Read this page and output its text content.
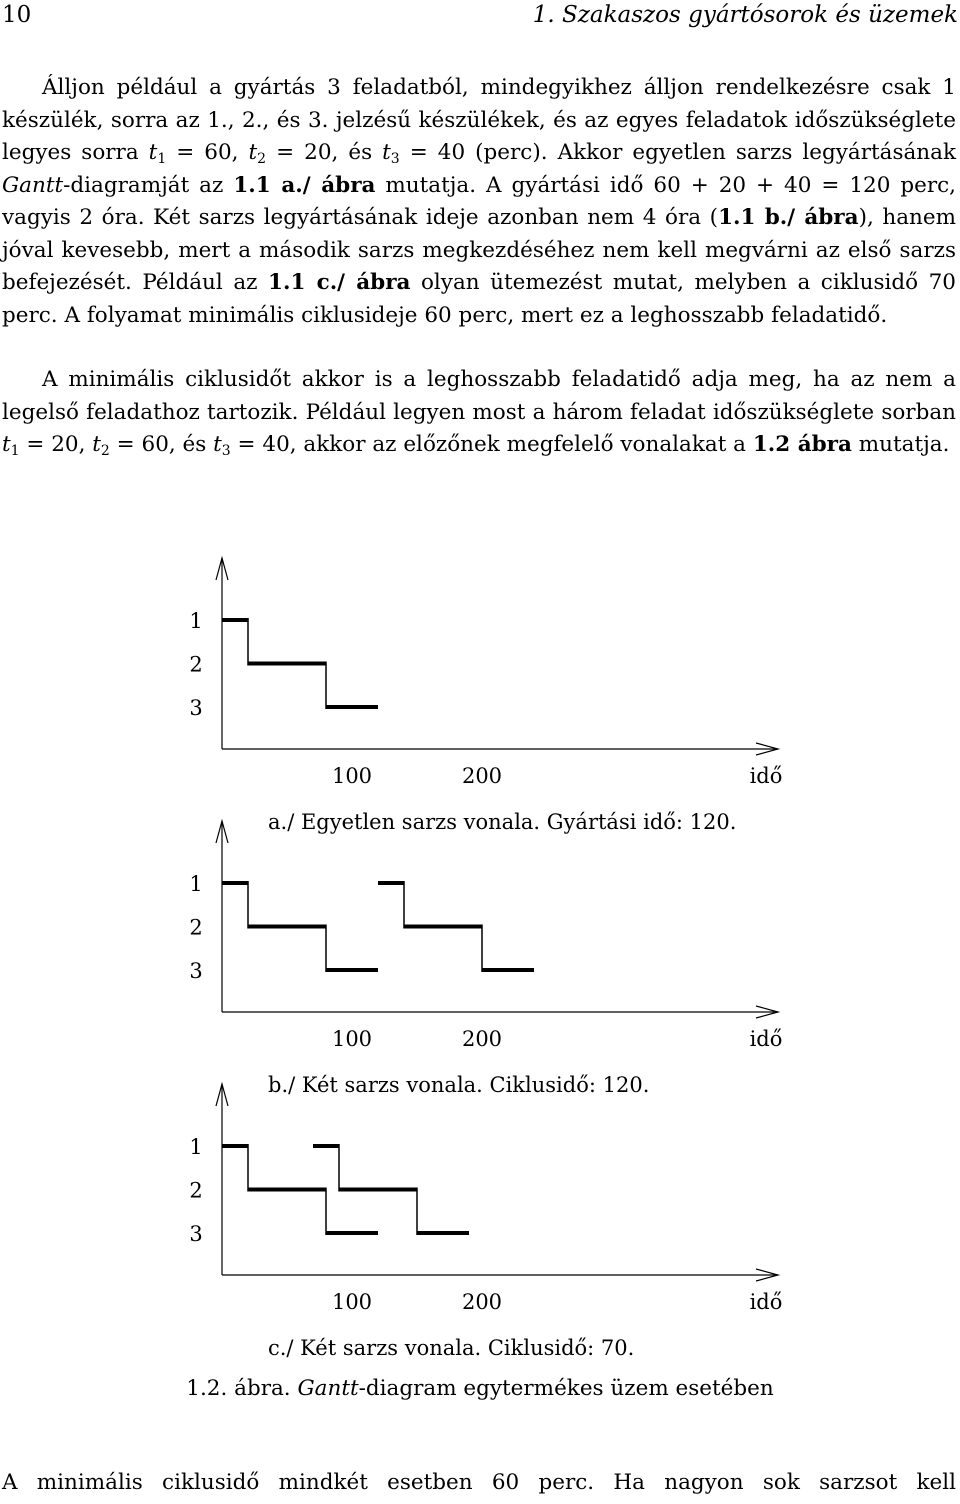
10	1. Szakaszos gyártósorok és üzemek

Álljon például a gyártás 3 feladatból, mindegyikhez álljon rendelkezésre csak 1 készülék, sorra az 1., 2., és 3. jelzésű készülékek, és az egyes feladatok időszükséglete legyes sorra $t_1 = 60$, $t_2 = 20$, és $t_3 = 40$ (perc). Akkor egyetlen sarzs legyártásának Gantt-diagramját az 1.1 a./ ábra mutatja. A gyártási idő 60 + 20 + 40 = 120 perc, vagyis 2 óra. Két sarzs legyártásának ideje azonban nem 4 óra (1.1 b./ ábra), hanem jóval kevesebb, mert a második sarzs megkezdéséhez nem kell megvárni az első sarzs befejezését. Például az 1.1 c./ ábra olyan ütemezést mutat, melyben a ciklusidő 70 perc. A folyamat minimális ciklusideje 60 perc, mert ez a leghosszabb feladatidő.

A minimális ciklusidőt akkor is a leghosszabb feladatidő adja meg, ha az nem a legelső feladathoz tartozik. Például legyen most a három feladat időszükséglete sorban $t_1 = 20$, $t_2 = 60$, és $t_3 = 40$, akkor az előzőnek megfelelő vonalakat a 1.2 ábra mutatja.

1
2
3
100	200	idő
a./ Egyetlen sarzs vonala. Gyártási idő: 120.
1
2
3
100	200	idő
b./ Két sarzs vonala. Ciklusidő: 120.
1
2
3
100	200	idő
c./ Két sarzs vonala. Ciklusidő: 70.
1.2. ábra. Gantt-diagram egytermékes üzem esetében
A minimális ciklusidő mindkét esetben 60 perc. Ha nagyon sok sarzsot kell
